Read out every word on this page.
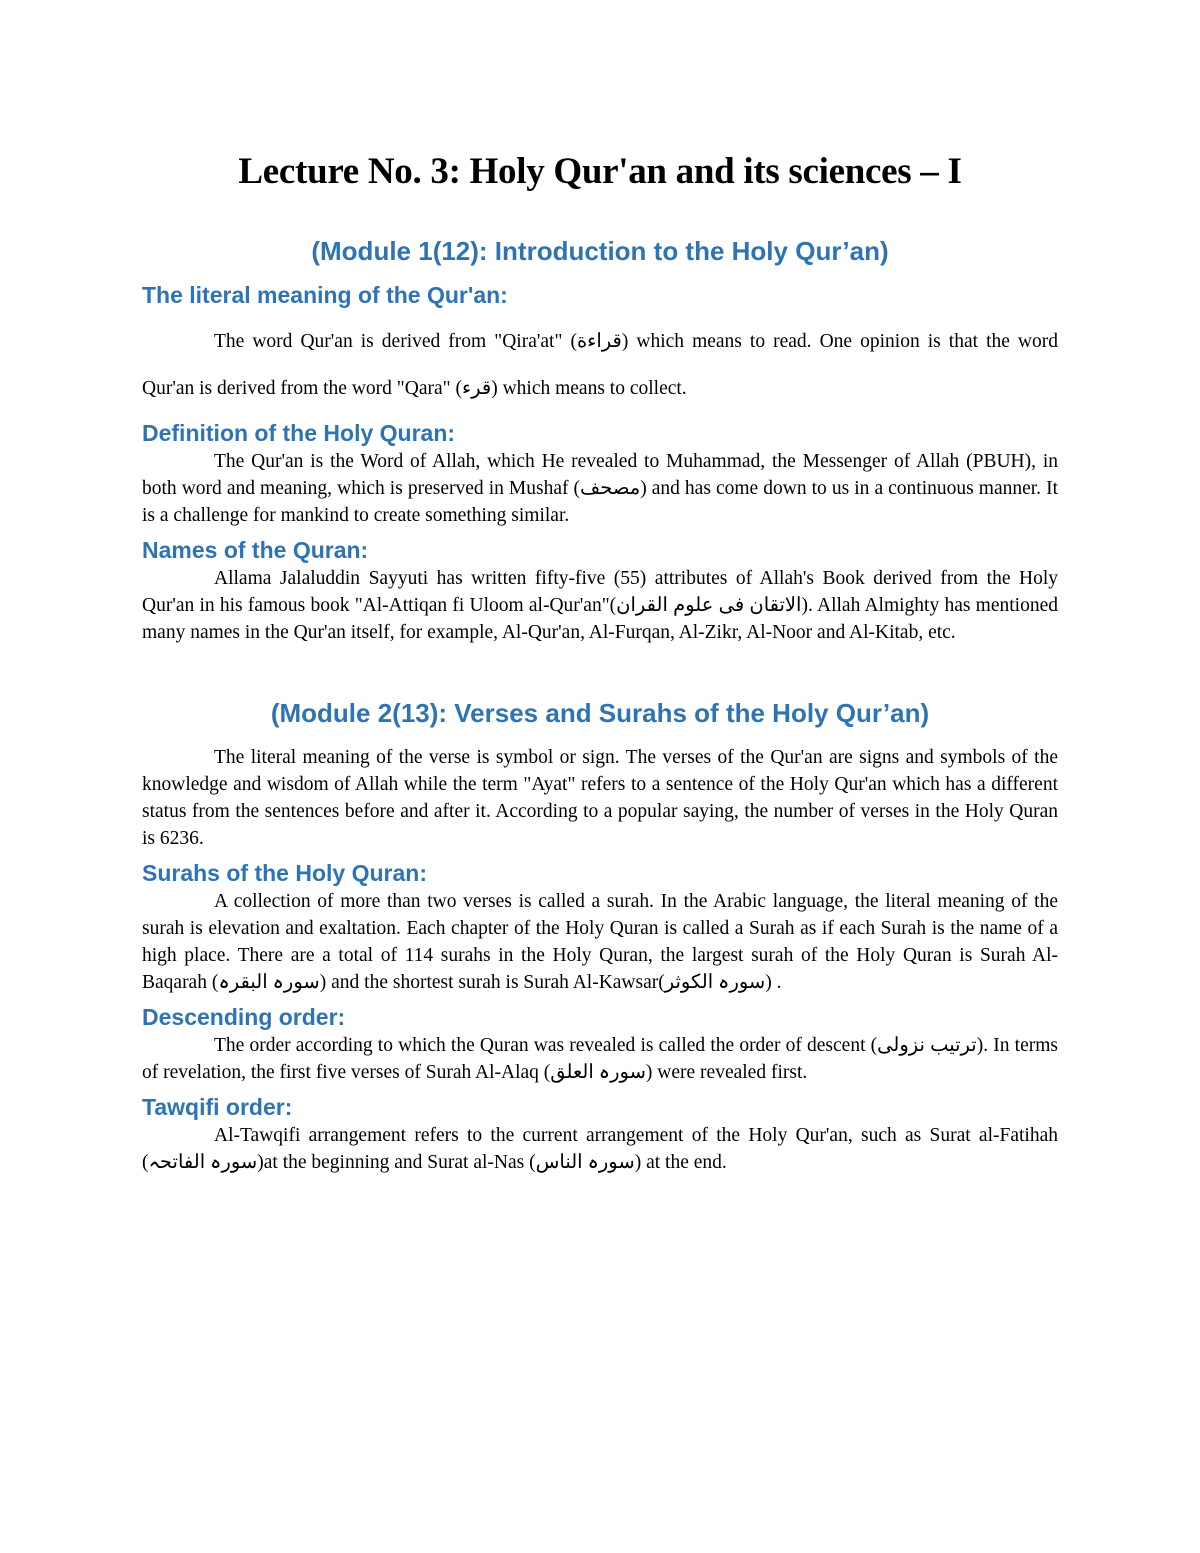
Lecture No. 3: Holy Qur'an and its sciences – I
(Module 1(12): Introduction to the Holy Qur’an)
The literal meaning of the Qur'an:

The word Qur'an is derived from "Qira'at" (قراءة) which means to read. One opinion is that the word Qur'an is derived from the word "Qara" (قرء) which means to collect.

Definition of the Holy Quran:

The Qur'an is the Word of Allah, which He revealed to Muhammad, the Messenger of Allah (PBUH), in both word and meaning, which is preserved in Mushaf (مصحف) and has come down to us in a continuous manner. It is a challenge for mankind to create something similar.

Names of the Quran:

Allama Jalaluddin Sayyuti has written fifty-five (55) attributes of Allah's Book derived from the Holy Qur'an in his famous book "Al-Attiqan fi Uloom al-Qur'an"(الاتقان فی علوم القران). Allah Almighty has mentioned many names in the Qur'an itself, for example, Al-Qur'an, Al-Furqan, Al-Zikr, Al-Noor and Al-Kitab, etc.

(Module 2(13): Verses and Surahs of the Holy Qur’an)

The literal meaning of the verse is symbol or sign. The verses of the Qur'an are signs and symbols of the knowledge and wisdom of Allah while the term "Ayat" refers to a sentence of the Holy Qur'an which has a different status from the sentences before and after it. According to a popular saying, the number of verses in the Holy Quran is 6236.

Surahs of the Holy Quran:

A collection of more than two verses is called a surah. In the Arabic language, the literal meaning of the surah is elevation and exaltation. Each chapter of the Holy Quran is called a Surah as if each Surah is the name of a high place. There are a total of 114 surahs in the Holy Quran, the largest surah of the Holy Quran is Surah Al-Baqarah (سورہ البقرہ) and the shortest surah is Surah Al-Kawsar(سورہ الکوثر) .

Descending order:

The order according to which the Quran was revealed is called the order of descent (ترتیب نزولی). In terms of revelation, the first five verses of Surah Al-Alaq (سورہ العلق) were revealed first.

Tawqifi order:

Al-Tawqifi arrangement refers to the current arrangement of the Holy Qur'an, such as Surat al-Fatihah (سورہ الفاتحہ)at the beginning and Surat al-Nas (سورہ الناس) at the end.
